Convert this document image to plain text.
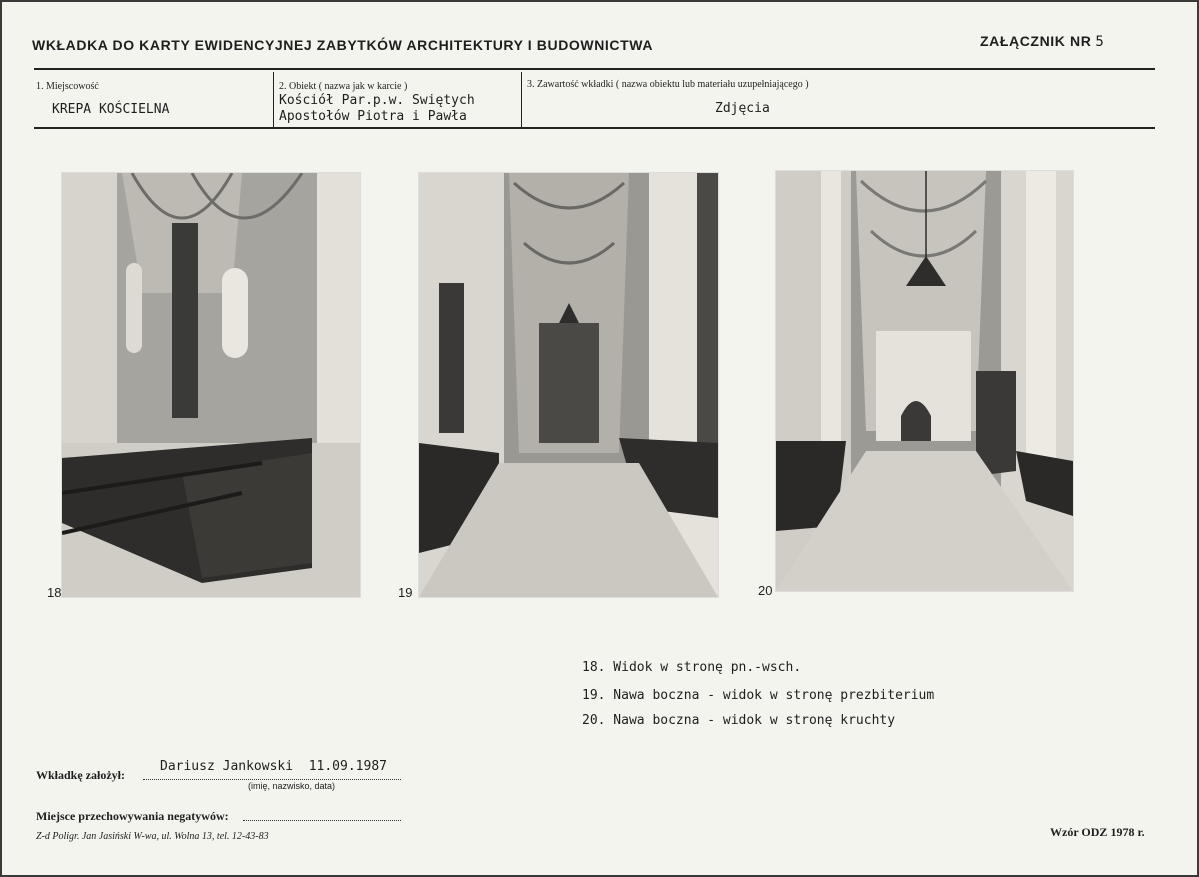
WKŁADKA DO KARTY EWIDENCYJNEJ ZABYTKÓW ARCHITEKTURY I BUDOWNICTWA	ZAŁĄCZNIK NR 5
1. Miejscowość
KREPA KOŚCIELNA
2. Obiekt ( nazwa jak w karcie )
Kościół Par.p.w. Swiętych
Apostołów Piotra i Pawła
3. Zawartość wkładki ( nazwa obiektu lub materiału uzupełniającego )
Zdjęcia
18	19	20
18. Widok w stronę pn.-wsch.
19. Nawa boczna - widok w stronę prezbiterium
20. Nawa boczna - widok w stronę kruchty
Wkładkę założył:
Dariusz Jankowski  11.09.1987
(imię, nazwisko, data)
Miejsce przechowywania negatywów:
Z-d Poligr. Jan Jasiński W-wa, ul. Wolna 13, tel. 12-43-83	Wzór ODZ 1978 r.
